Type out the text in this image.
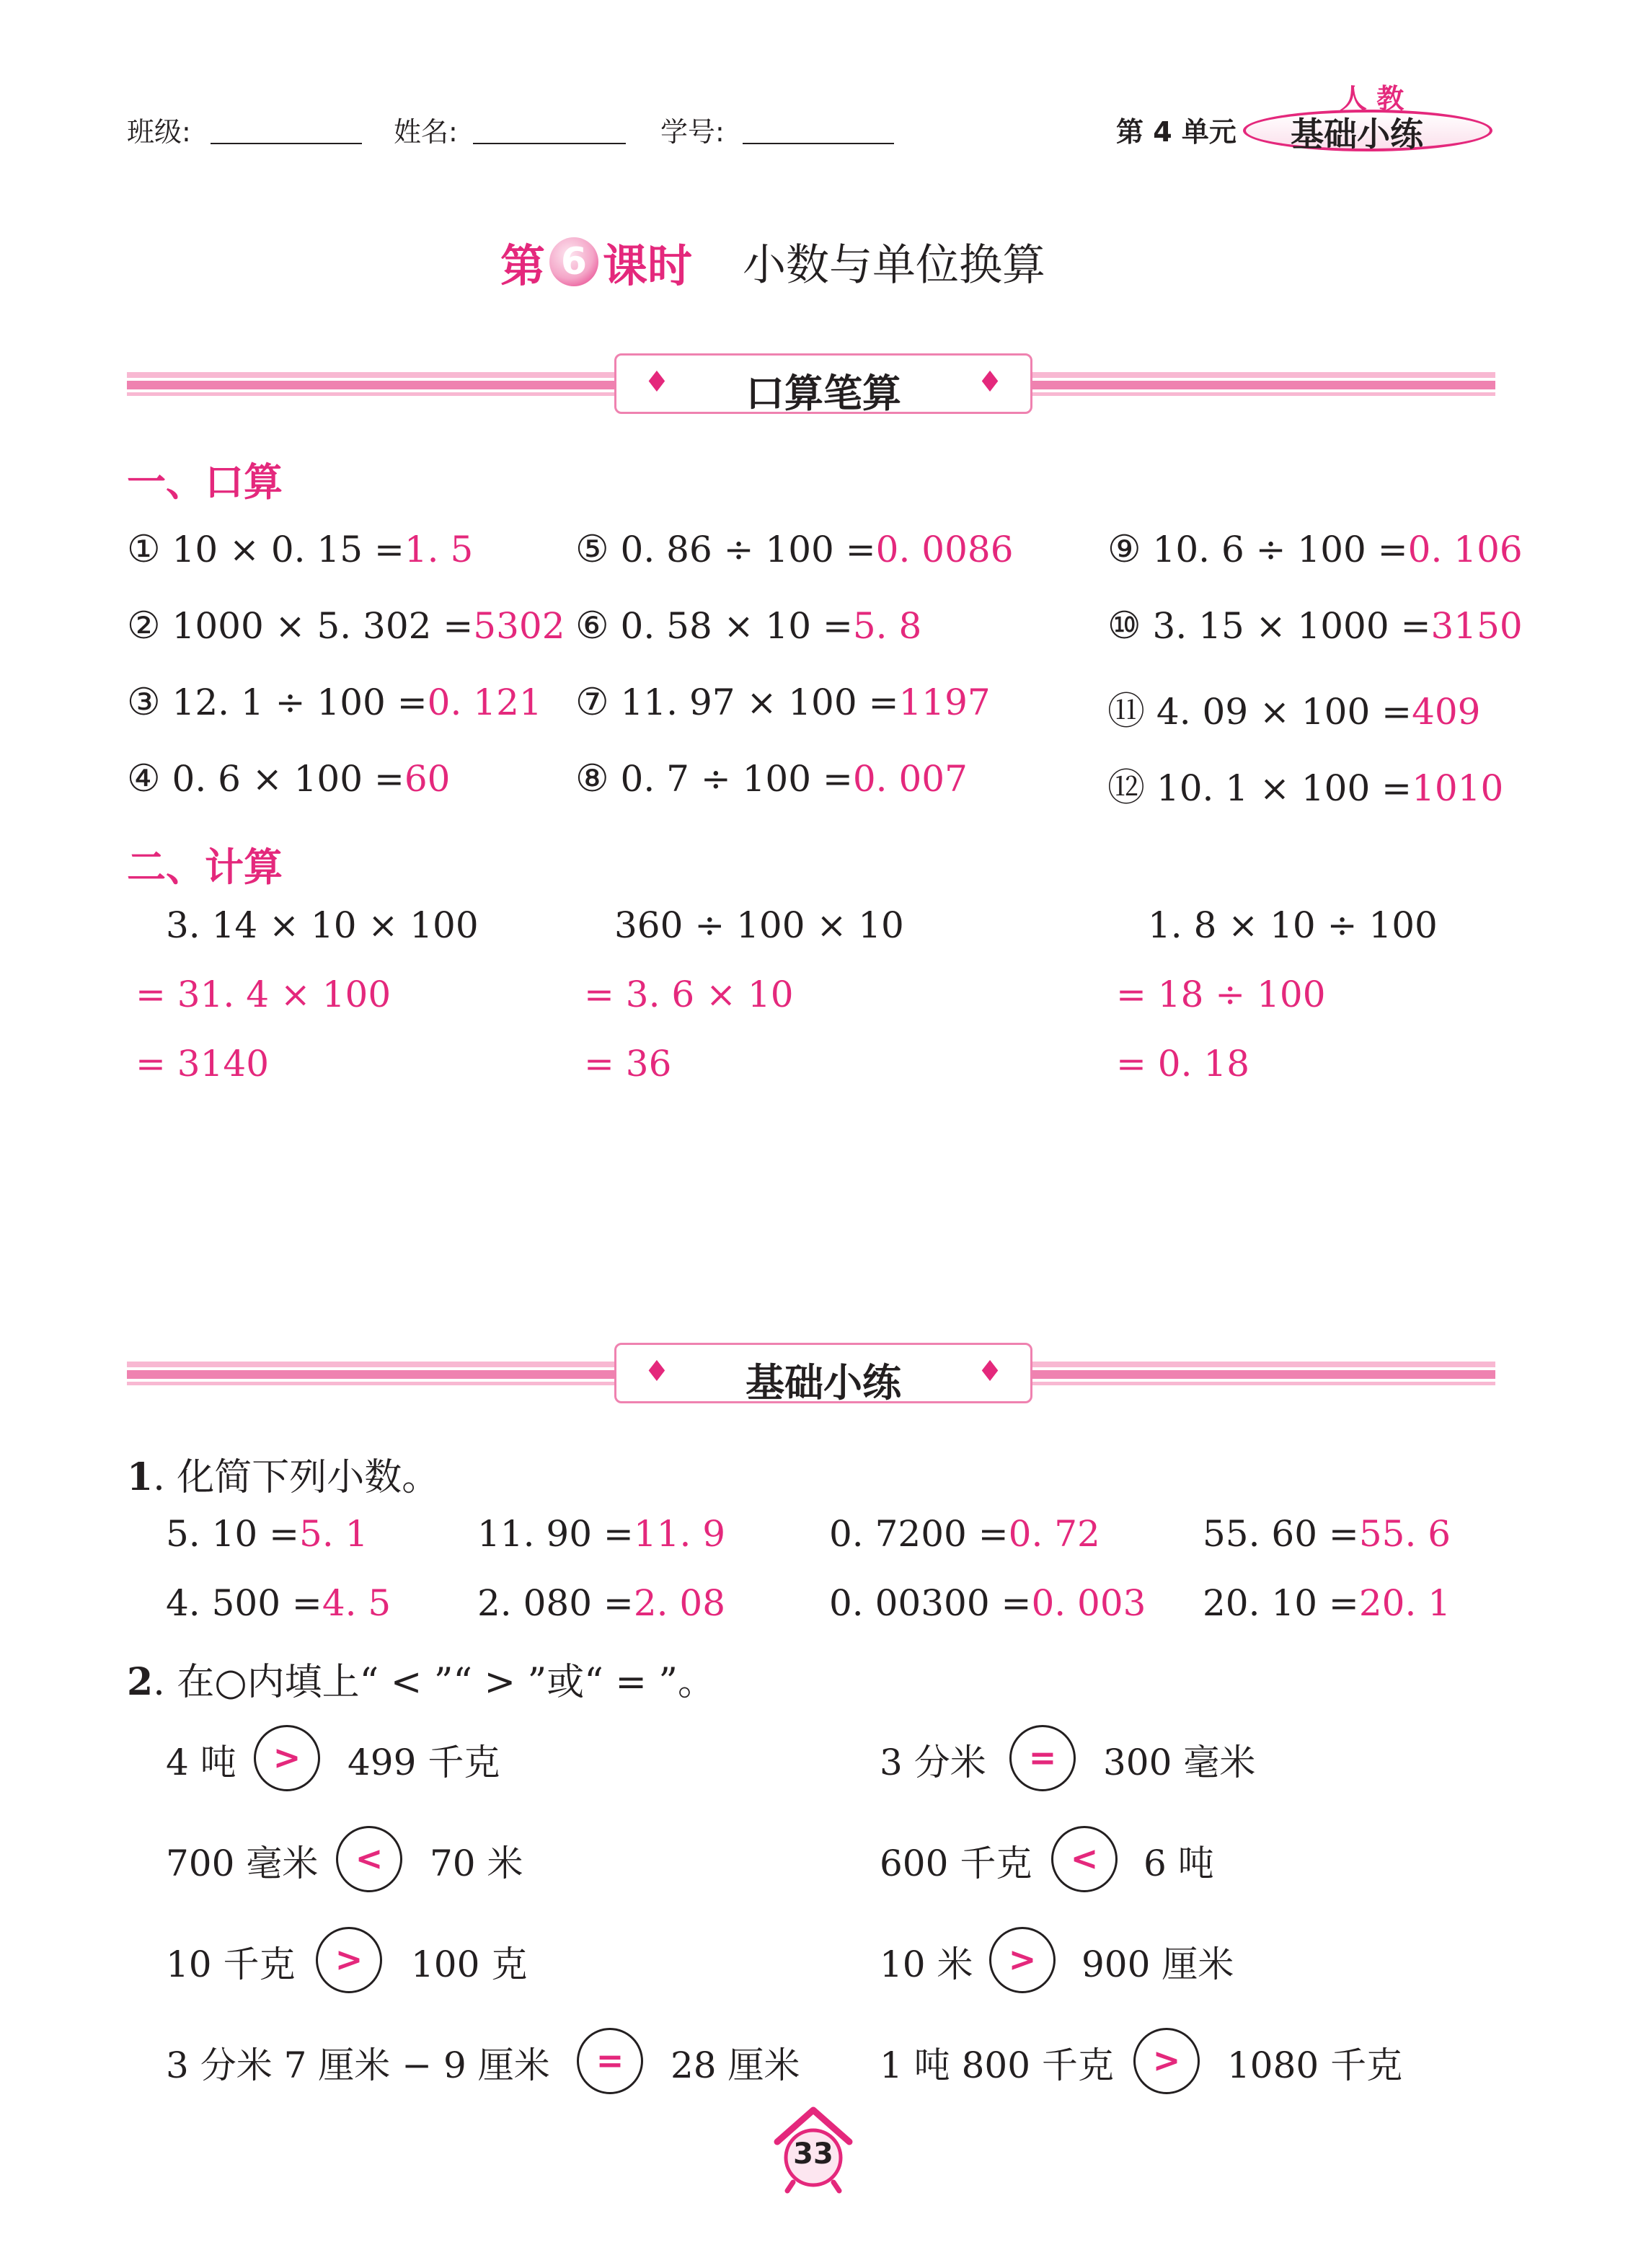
班级:	姓名:	学号:	第 4 单元
人 教
基础小练
第 6 课时 小数与单位换算
♦	口算笔算	♦
一、口算
① 10 × 0. 15 =1. 5
② 1000 × 5. 302 =5302
③ 12. 1 ÷ 100 =0. 121
④ 0. 6 × 100 =60
⑤ 0. 86 ÷ 100 =0. 0086
⑥ 0. 58 × 10 =5. 8
⑦ 11. 97 × 100 =1197
⑧ 0. 7 ÷ 100 =0. 007
⑨ 10. 6 ÷ 100 =0. 106
⑩ 3. 15 × 1000 =3150
⑪ 4. 09 × 100 =409
⑫ 10. 1 × 100 =1010
二、计算
3. 14 × 10 × 100
= 31. 4 × 100
= 3140
360 ÷ 100 × 10
= 3. 6 × 10
= 36
1. 8 × 10 ÷ 100
= 18 ÷ 100
= 0. 18
♦	基础小练	♦
1. 化简下列小数。
5. 10 =5. 1	11. 90 =11. 9	0. 7200 =0. 72	55. 60 =55. 6
4. 500 =4. 5 2. 080 =2. 08	0. 00300 =0. 003 20. 10 =20. 1
2. 在○内填上“ < ”“ > ”或“ = ”。
4 吨	>	499 千克	3 分米	=	300 毫米
700 毫米	<	70 米	600 千克	<	6 吨
10 千克	>	100 克	10 米	>	900 厘米
3 分米 7 厘米 − 9 厘米	=	28 厘米 1 吨 800 千克	>	1080 千克
33
